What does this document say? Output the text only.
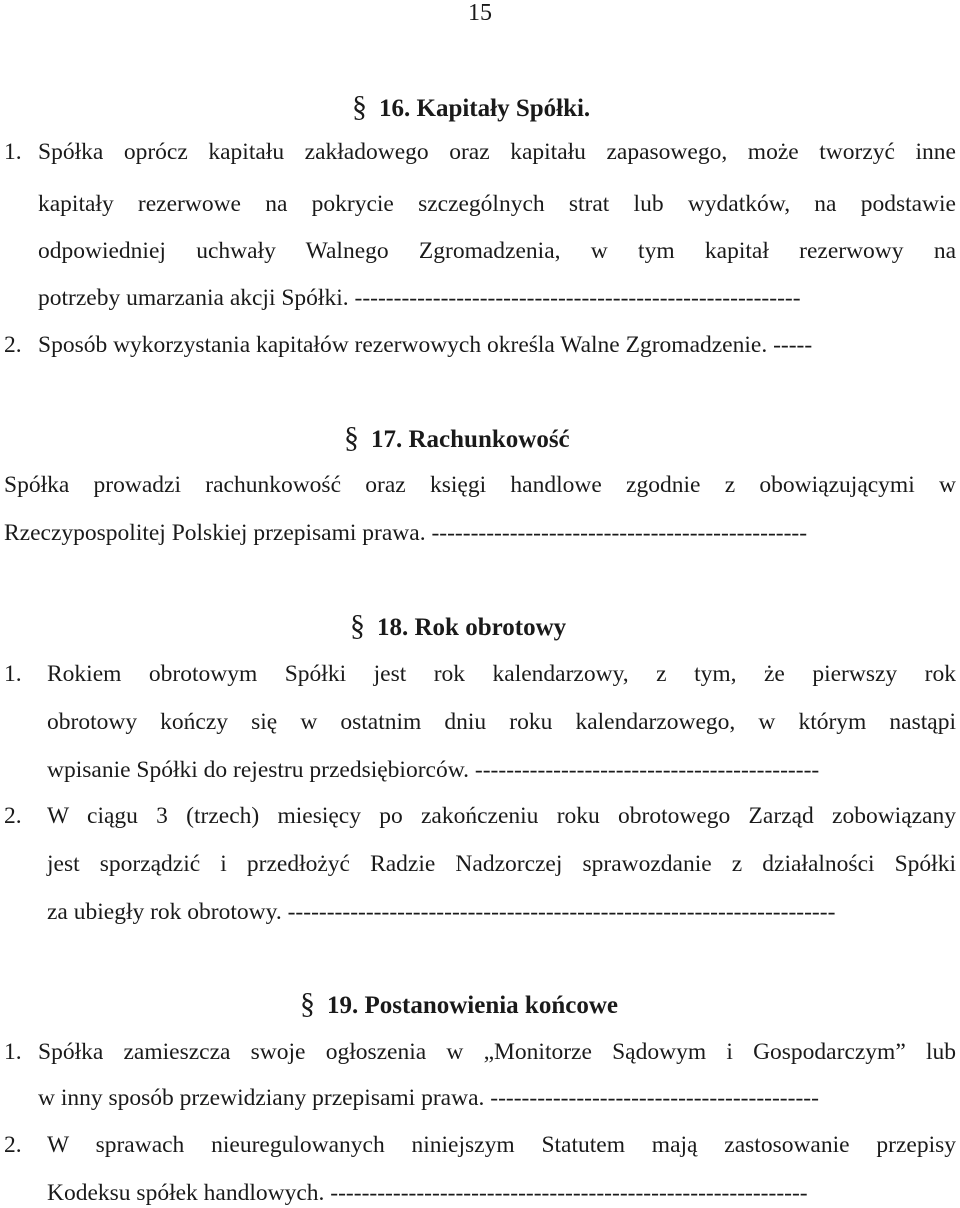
15
§ 16. Kapitały Spółki.
1. Spółka oprócz kapitału zakładowego oraz kapitału zapasowego, może tworzyć inne
kapitały rezerwowe na pokrycie szczególnych strat lub wydatków, na podstawie
odpowiedniej uchwały Walnego Zgromadzenia, w tym kapitał rezerwowy na
potrzeby umarzania akcji Spółki. ---------------------------------------------------------
2. Sposób wykorzystania kapitałów rezerwowych określa Walne Zgromadzenie. -----
§ 17. Rachunkowość
Spółka prowadzi rachunkowość oraz księgi handlowe zgodnie z obowiązującymi w
Rzeczypospolitej Polskiej przepisami prawa. ------------------------------------------------
§ 18. Rok obrotowy
1. Rokiem obrotowym Spółki jest rok kalendarzowy, z tym, że pierwszy rok
obrotowy kończy się w ostatnim dniu roku kalendarzowego, w którym nastąpi
wpisanie Spółki do rejestru przedsiębiorców. --------------------------------------------
2. W ciągu 3 (trzech) miesięcy po zakończeniu roku obrotowego Zarząd zobowiązany
jest sporządzić i przedłożyć Radzie Nadzorczej sprawozdanie z działalności Spółki
za ubiegły rok obrotowy. ----------------------------------------------------------------------
§ 19. Postanowienia końcowe
1. Spółka zamieszcza swoje ogłoszenia w „Monitorze Sądowym i Gospodarczym” lub
w inny sposób przewidziany przepisami prawa. ------------------------------------------
2. W sprawach nieuregulowanych niniejszym Statutem mają zastosowanie przepisy
Kodeksu spółek handlowych. -------------------------------------------------------------
